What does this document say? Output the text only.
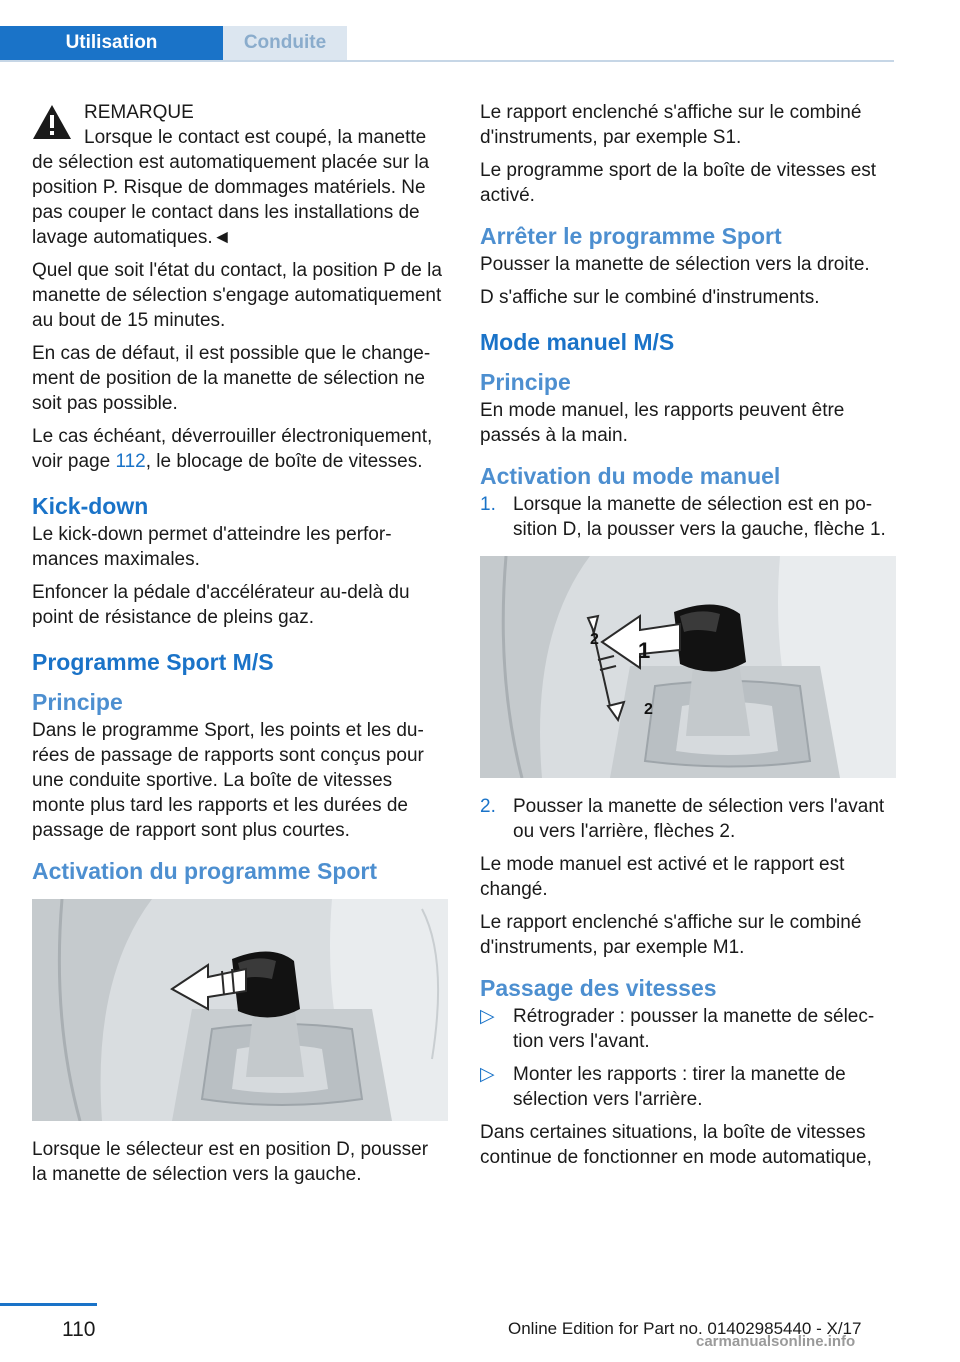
Utilisation	Conduite
REMARQUE
Lorsque le contact est coupé, la manette
de sélection est automatiquement placée sur la position P. Risque de dommages matériels. Ne pas couper le contact dans les installations de lavage automatiques.◄

Quel que soit l'état du contact, la position P de la manette de sélection s'engage automatiquement au bout de 15 minutes.

En cas de défaut, il est possible que le changement de position de la manette de sélection ne soit pas possible.

Le cas échéant, déverrouiller électroniquement, voir page 112, le blocage de boîte de vitesses.

Kick-down

Le kick-down permet d'atteindre les performances maximales.

Enfoncer la pédale d'accélérateur au-delà du point de résistance de pleins gaz.

Programme Sport M/S
Principe

Dans le programme Sport, les points et les durées de passage de rapports sont conçus pour une conduite sportive. La boîte de vitesses monte plus tard les rapports et les durées de passage de rapport sont plus courtes.

Activation du programme Sport

Lorsque le sélecteur est en position D, pousser la manette de sélection vers la gauche.

Le rapport enclenché s'affiche sur le combiné d'instruments, par exemple S1.

Le programme sport de la boîte de vitesses est activé.

Arrêter le programme Sport

Pousser la manette de sélection vers la droite.

D s'affiche sur le combiné d'instruments.

Mode manuel M/S
Principe

En mode manuel, les rapports peuvent être passés à la main.

Activation du mode manuel
1. Lorsque la manette de sélection est en position D, la pousser vers la gauche, flèche 1.
1
2
2
2. Pousser la manette de sélection vers l'avant ou vers l'arrière, flèches 2.

Le mode manuel est activé et le rapport est changé.

Le rapport enclenché s'affiche sur le combiné d'instruments, par exemple M1.

Passage des vitesses
▷ Rétrograder : pousser la manette de sélection vers l'avant.
▷ Monter les rapports : tirer la manette de sélection vers l'arrière.

Dans certaines situations, la boîte de vitesses continue de fonctionner en mode automatique,

110	Online Edition for Part no. 01402985440 - X/17
carmanualsonline.info
